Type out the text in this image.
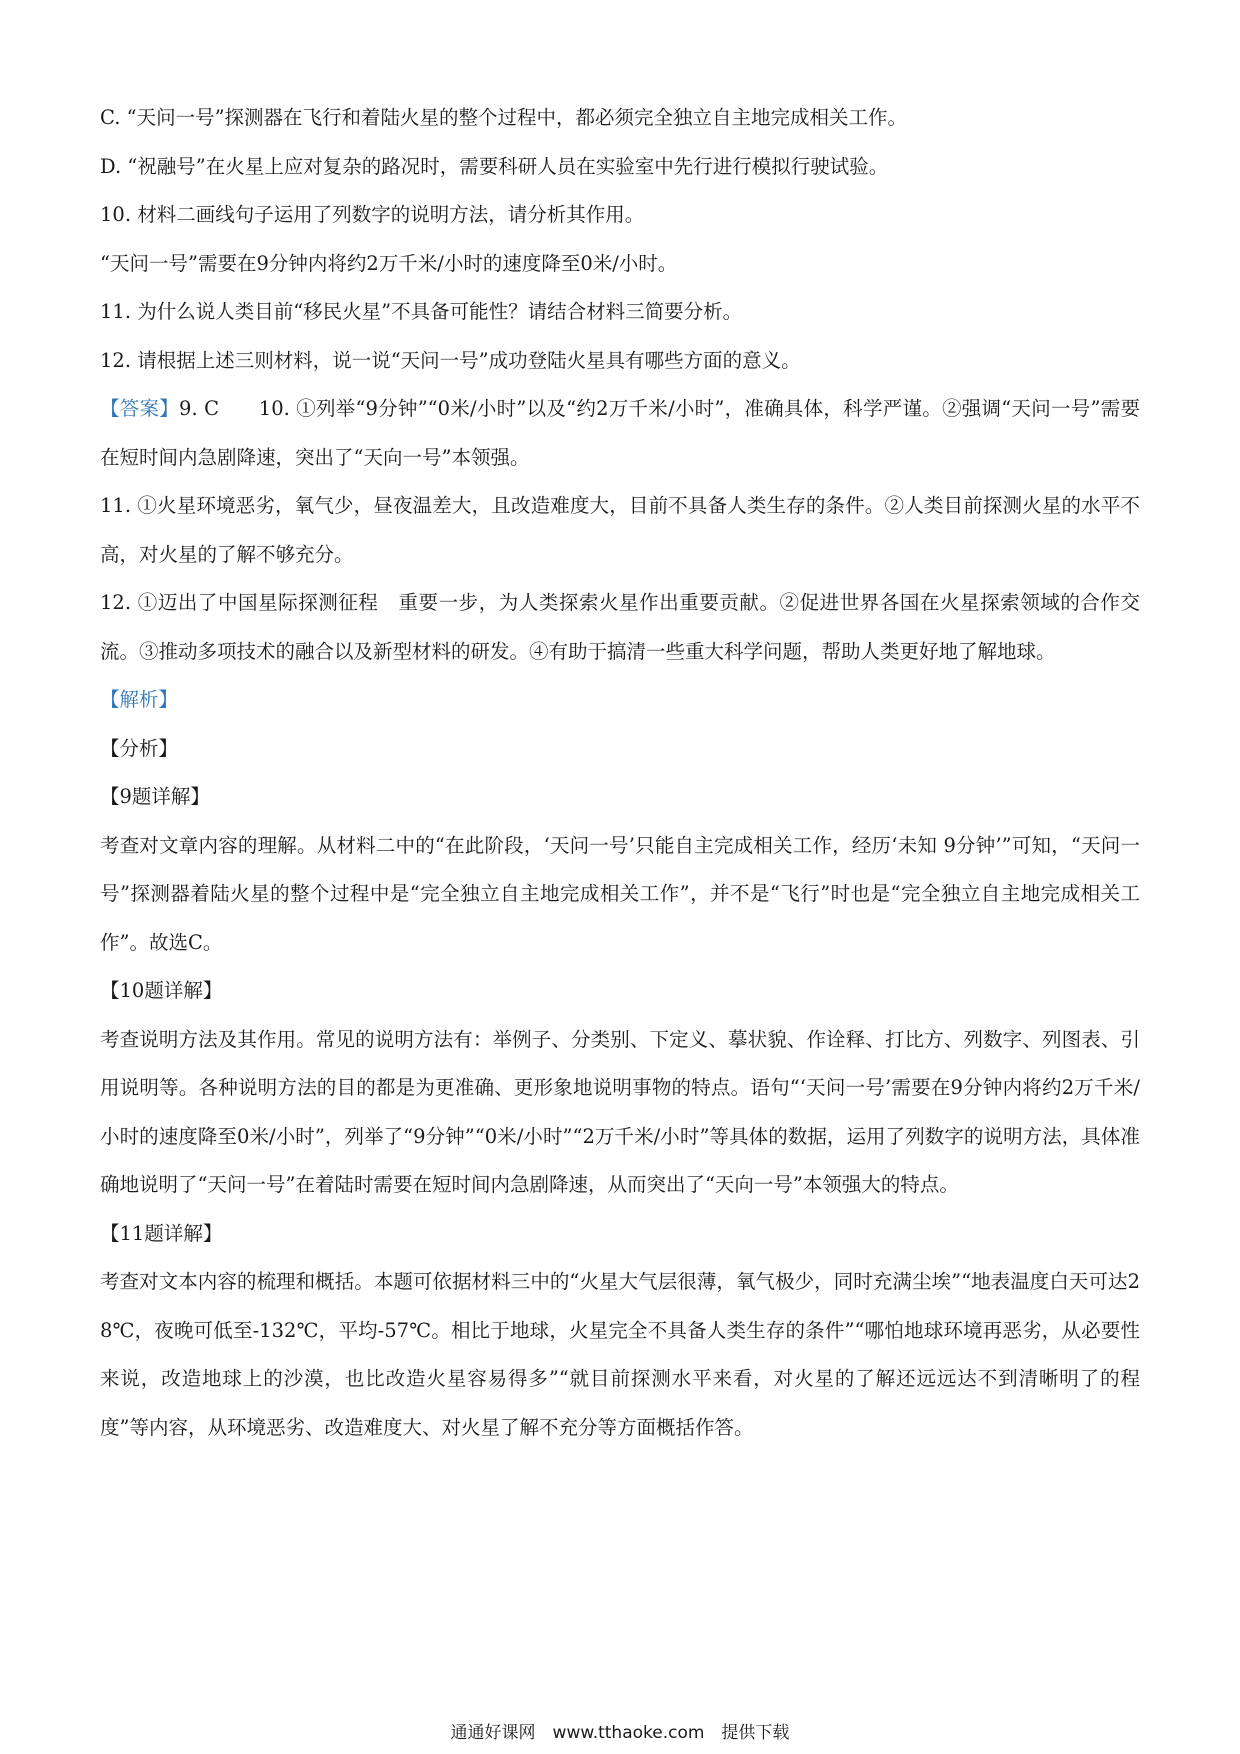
C. “天问一号”探测器在飞行和着陆火星的整个过程中，都必须完全独立自主地完成相关工作。

D. “祝融号”在火星上应对复杂的路况时，需要科研人员在实验室中先行进行模拟行驶试验。

10. 材料二画线句子运用了列数字的说明方法，请分析其作用。

“天问一号”需要在9分钟内将约2万千米/小时的速度降至0米/小时。

11. 为什么说人类目前“移民火星”不具备可能性？请结合材料三简要分析。

12. 请根据上述三则材料，说一说“天问一号”成功登陆火星具有哪些方面的意义。

【答案】9. C　　10. ①列举“9分钟”“0米/小时”以及“约2万千米/小时”，准确具体，科学严谨。②强调“天问一号”需要在短时间内急剧降速，突出了“天向一号”本领强。

11. ①火星环境恶劣，氧气少，昼夜温差大，且改造难度大，目前不具备人类生存的条件。②人类目前探测火星的水平不高，对火星的了解不够充分。

12. ①迈出了中国星际探测征程　重要一步，为人类探索火星作出重要贡献。②促进世界各国在火星探索领域的合作交流。③推动多项技术的融合以及新型材料的研发。④有助于搞清一些重大科学问题，帮助人类更好地了解地球。

【解析】

【分析】

【9题详解】

考查对文章内容的理解。从材料二中的“在此阶段，‘天问一号’只能自主完成相关工作，经历‘未知 9分钟’”可知，“天问一号”探测器着陆火星的整个过程中是“完全独立自主地完成相关工作”，并不是“飞行”时也是“完全独立自主地完成相关工作”。故选C。

【10题详解】

考查说明方法及其作用。常见的说明方法有：举例子、分类别、下定义、摹状貌、作诠释、打比方、列数字、列图表、引用说明等。各种说明方法的目的都是为更准确、更形象地说明事物的特点。语句“‘天问一号’需要在9分钟内将约2万千米/小时的速度降至0米/小时”，列举了“9分钟”“0米/小时”“2万千米/小时”等具体的数据，运用了列数字的说明方法，具体准确地说明了“天问一号”在着陆时需要在短时间内急剧降速，从而突出了“天向一号”本领强大的特点。

【11题详解】

考查对文本内容的梳理和概括。本题可依据材料三中的“火星大气层很薄，氧气极少，同时充满尘埃”“地表温度白天可达28℃，夜晚可低至-132℃，平均-57℃。相比于地球，火星完全不具备人类生存的条件”“哪怕地球环境再恶劣，从必要性来说，改造地球上的沙漠，也比改造火星容易得多”“就目前探测水平来看，对火星的了解还远远达不到清晰明了的程度”等内容，从环境恶劣、改造难度大、对火星了解不充分等方面概括作答。

通通好课网　www.tthaoke.com　提供下载
